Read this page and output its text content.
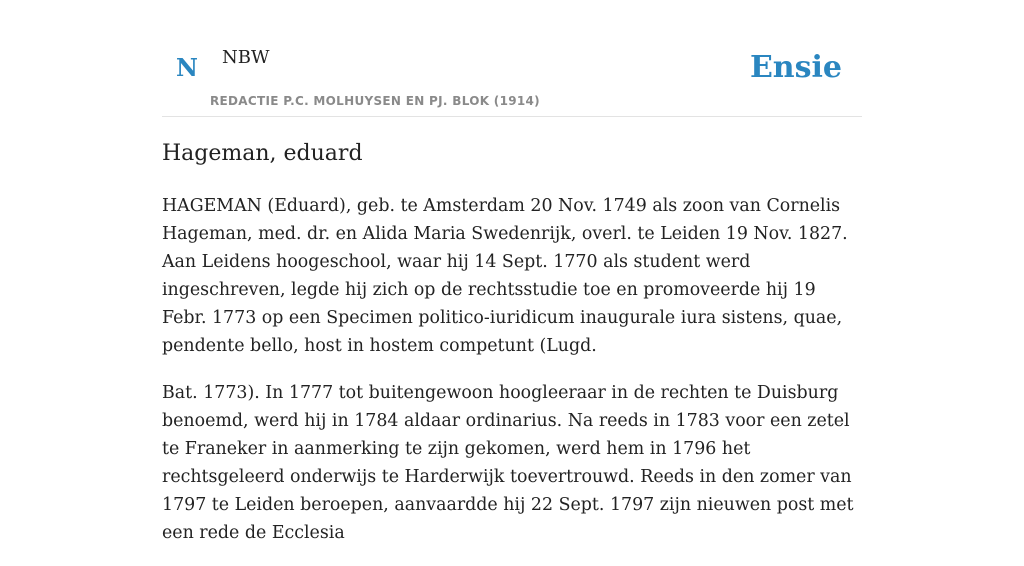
N NBW
REDACTIE P.C. MOLHUYSEN EN PJ. BLOK (1914)
Ensie
Hageman, eduard

HAGEMAN (Eduard), geb. te Amsterdam 20 Nov. 1749 als zoon van Cornelis Hageman, med. dr. en Alida Maria Swedenrijk, overl. te Leiden 19 Nov. 1827. Aan Leidens hoogeschool, waar hij 14 Sept. 1770 als student werd ingeschreven, legde hij zich op de rechtsstudie toe en promoveerde hij 19 Febr. 1773 op een Specimen politico-iuridicum inaugurale iura sistens, quae, pendente bello, host in hostem competunt (Lugd.

Bat. 1773). In 1777 tot buitengewoon hoogleeraar in de rechten te Duisburg benoemd, werd hij in 1784 aldaar ordinarius. Na reeds in 1783 voor een zetel te Franeker in aanmerking te zijn gekomen, werd hem in 1796 het rechtsgeleerd onderwijs te Harderwijk toevertrouwd. Reeds in den zomer van 1797 te Leiden beroepen, aanvaardde hij 22 Sept. 1797 zijn nieuwen post met een rede de Ecclesia
